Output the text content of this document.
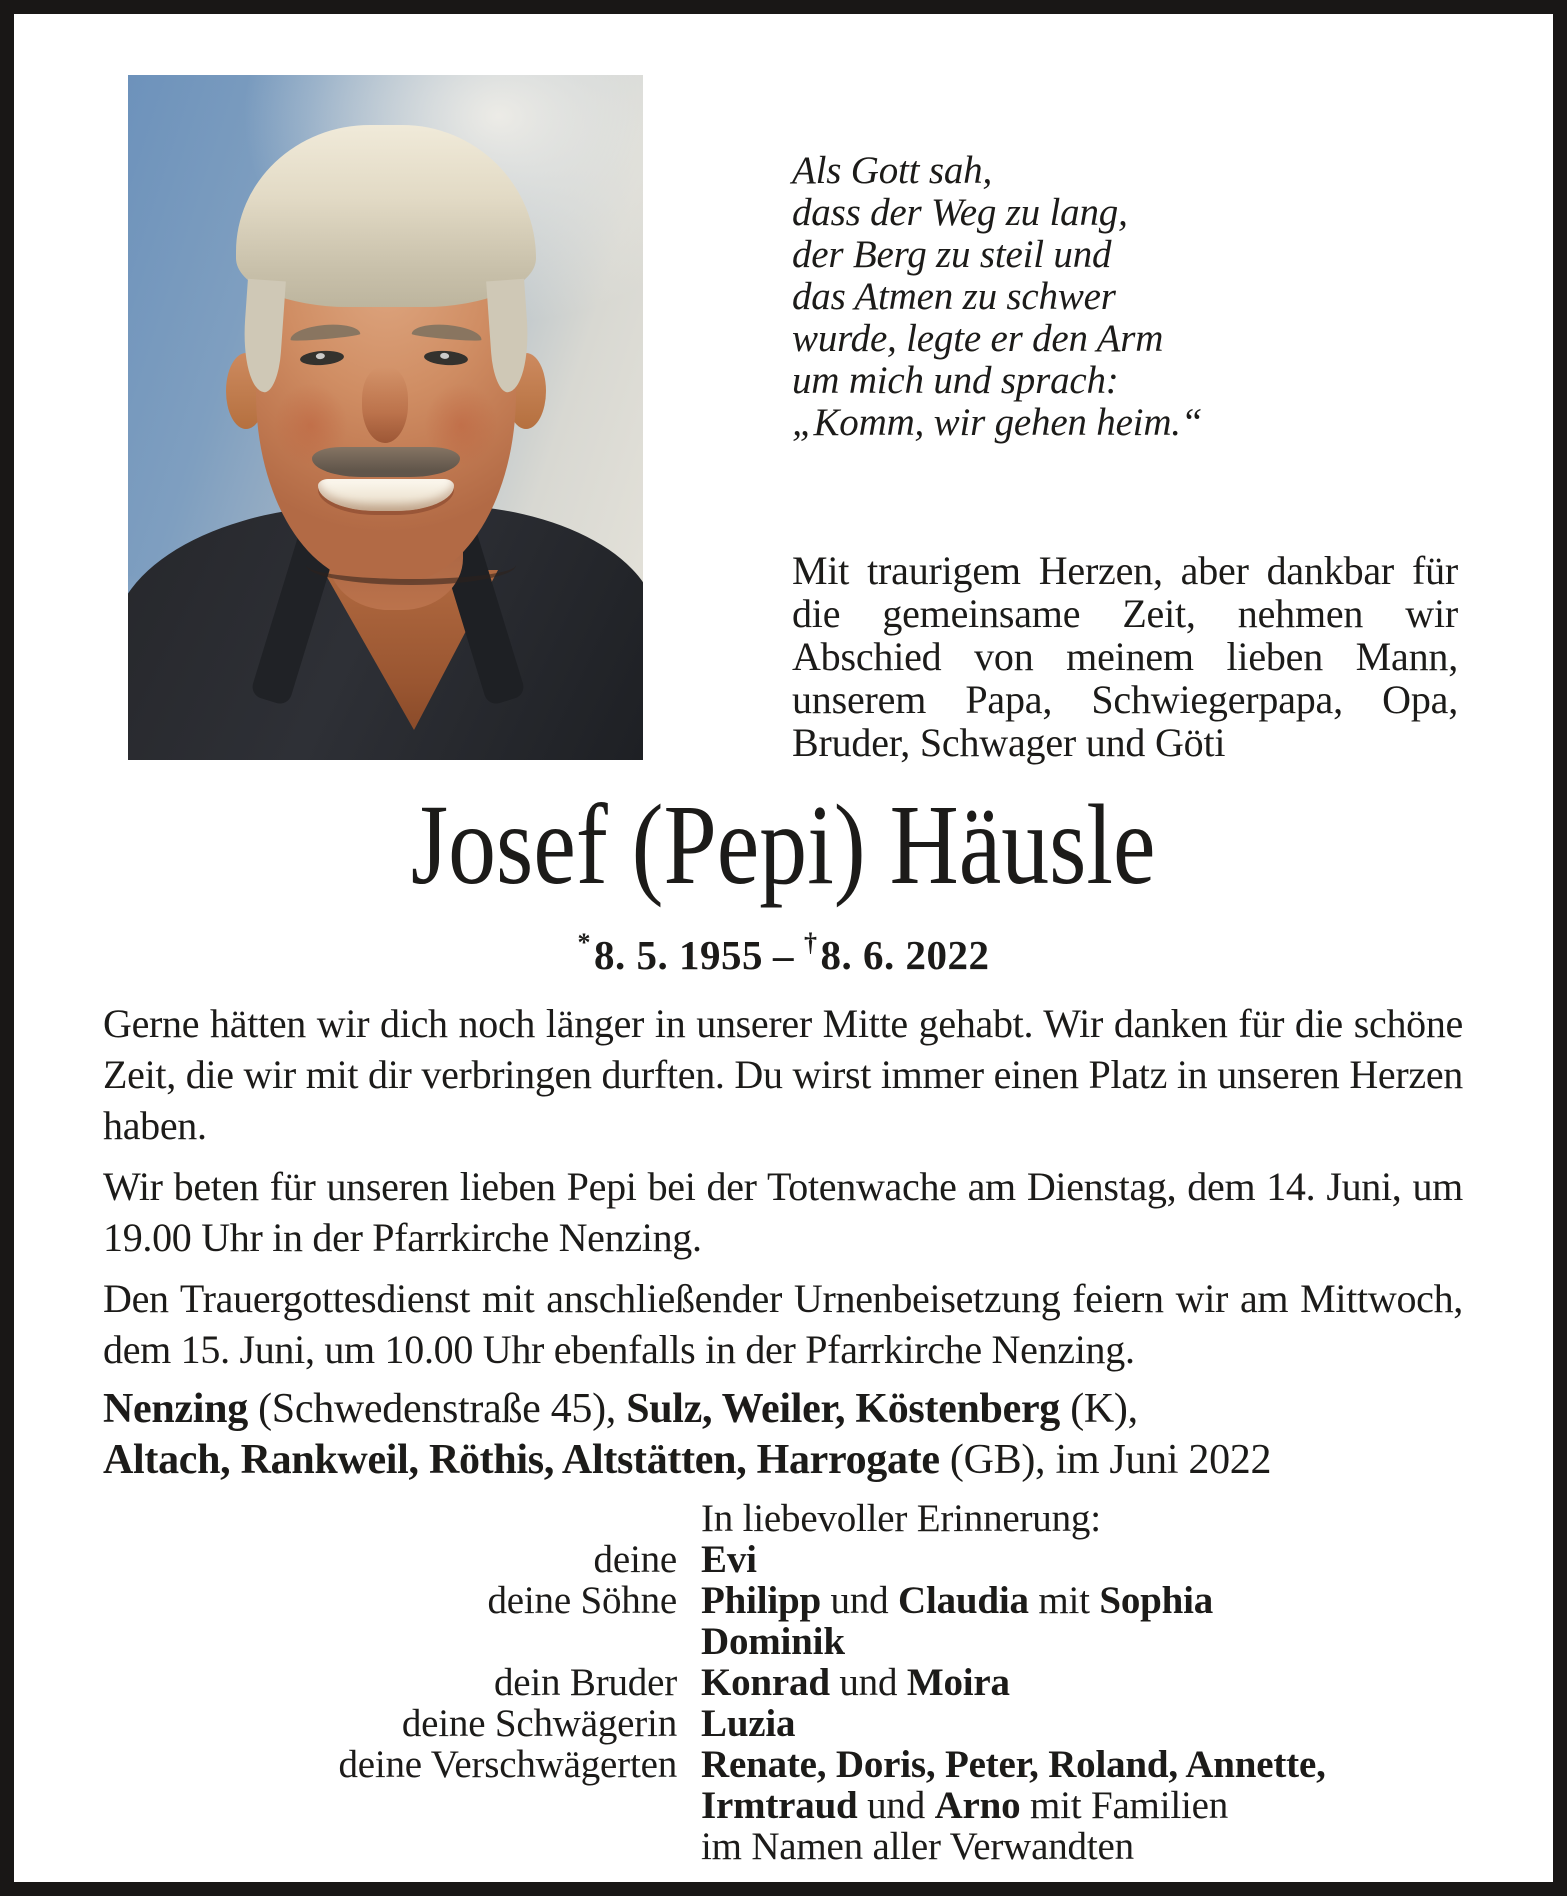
Als Gott sah,
dass der Weg zu lang,
der Berg zu steil und
das Atmen zu schwer
wurde, legte er den Arm
um mich und sprach:
„Komm, wir gehen heim.“
Mit traurigem Herzen, aber dankbar für die gemeinsame Zeit, nehmen wir Abschied von meinem lieben Mann, unserem Papa, Schwiegerpapa, Opa, Bruder, Schwager und Göti
Josef (Pepi) Häusle
*8. 5. 1955 – †8. 6. 2022

Gerne hätten wir dich noch länger in unserer Mitte gehabt. Wir danken für die schöne Zeit, die wir mit dir verbringen durften. Du wirst immer einen Platz in unseren Herzen haben.

Wir beten für unseren lieben Pepi bei der Totenwache am Dienstag, dem 14. Juni, um 19.00 Uhr in der Pfarrkirche Nenzing.

Den Trauergottesdienst mit anschließender Urnenbeisetzung feiern wir am Mittwoch, dem 15. Juni, um 10.00 Uhr ebenfalls in der Pfarrkirche Nenzing.

Nenzing (Schwedenstraße 45), Sulz, Weiler, Köstenberg (K),
Altach, Rankweil, Röthis, Altstätten, Harrogate (GB), im Juni 2022
In liebevoller Erinnerung:
deine Evi
deine Söhne Philipp und Claudia mit Sophia
Dominik
dein Bruder Konrad und Moira
deine Schwägerin Luzia
deine Verschwägerten Renate, Doris, Peter, Roland, Annette,
Irmtraud und Arno mit Familien
im Namen aller Verwandten
